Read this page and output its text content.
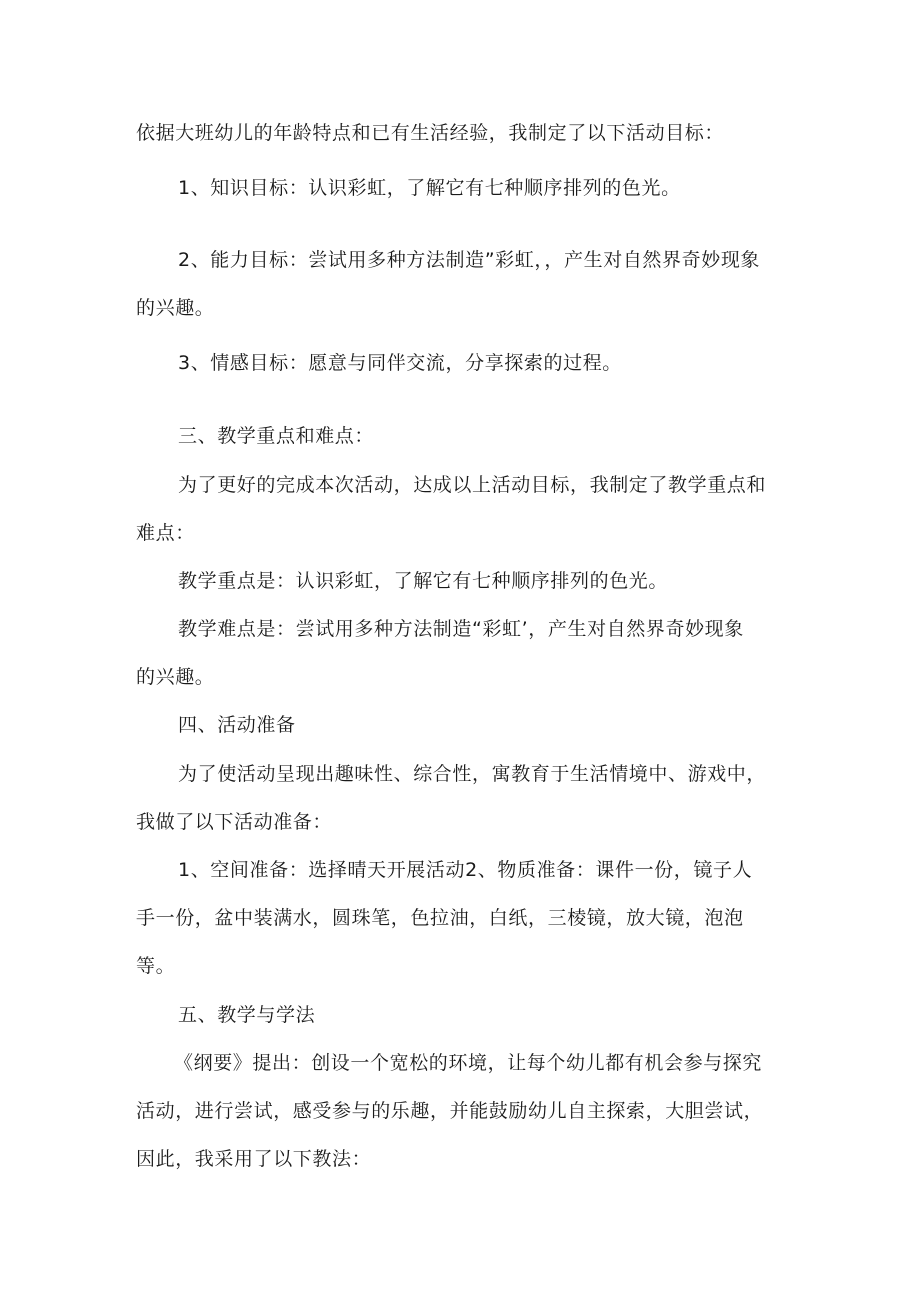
依据大班幼儿的年龄特点和已有生活经验，我制定了以下活动目标：
1、知识目标：认识彩虹，了解它有七种顺序排列的色光。
2、能力目标：尝试用多种方法制造”彩虹，，产生对自然界奇妙现象
的兴趣。
3、情感目标：愿意与同伴交流，分享探索的过程。
三、教学重点和难点：
为了更好的完成本次活动，达成以上活动目标，我制定了教学重点和
难点：
教学重点是：认识彩虹，了解它有七种顺序排列的色光。
教学难点是：尝试用多种方法制造“彩虹’，产生对自然界奇妙现象
的兴趣。
四、活动准备
为了使活动呈现出趣味性、综合性，寓教育于生活情境中、游戏中，
我做了以下活动准备：
1、空间准备：选择晴天开展活动2、物质准备：课件一份，镜子人
手一份，盆中装满水，圆珠笔，色拉油，白纸，三棱镜，放大镜，泡泡
等。
五、教学与学法
《纲要》提出：创设一个宽松的环境，让每个幼儿都有机会参与探究
活动，进行尝试，感受参与的乐趣，并能鼓励幼儿自主探索，大胆尝试，
因此，我采用了以下教法：
